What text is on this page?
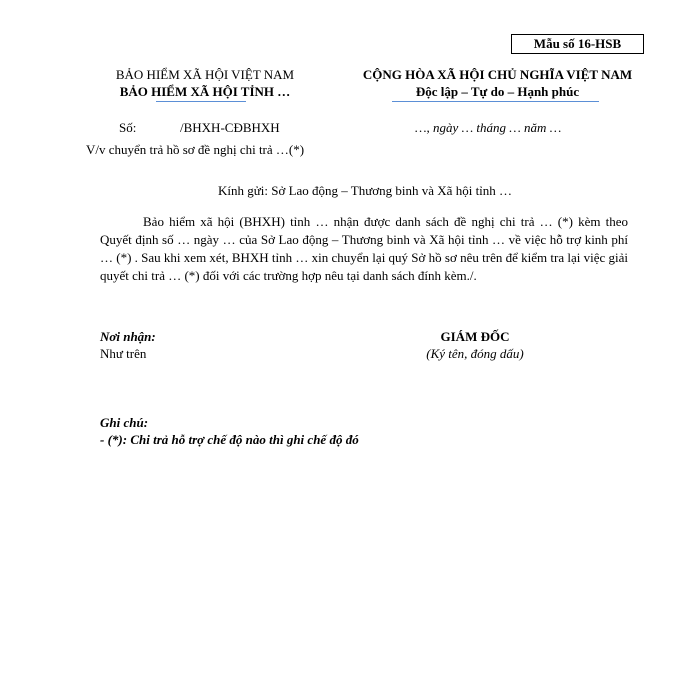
Mẫu số 16-HSB
BẢO HIỂM XÃ HỘI VIỆT NAM
BẢO HIỂM XÃ HỘI TỈNH …
CỘNG HÒA XÃ HỘI CHỦ NGHĨA VIỆT NAM
Độc lập – Tự do – Hạnh phúc
Số:	/BHXH-CĐBHXH	…, ngày … tháng … năm …
V/v chuyển trả hồ sơ đề nghị chi trả …(*)
Kính gửi: Sở Lao động – Thương binh và Xã hội tỉnh …
Bảo hiểm xã hội (BHXH) tỉnh … nhận được danh sách đề nghị chi trả … (*) kèm theo Quyết định số … ngày … của Sở Lao động – Thương binh và Xã hội tỉnh … về việc hỗ trợ kinh phí … (*) . Sau khi xem xét, BHXH tỉnh … xin chuyển lại quý Sở hồ sơ nêu trên để kiểm tra lại việc giải quyết chi trả … (*) đối với các trường hợp nêu tại danh sách đính kèm./.
Nơi nhận:
Như trên
GIÁM ĐỐC
(Ký tên, đóng dấu)
Ghi chú:
- (*): Chi trả hỗ trợ chế độ nào thì ghi chế độ đó
